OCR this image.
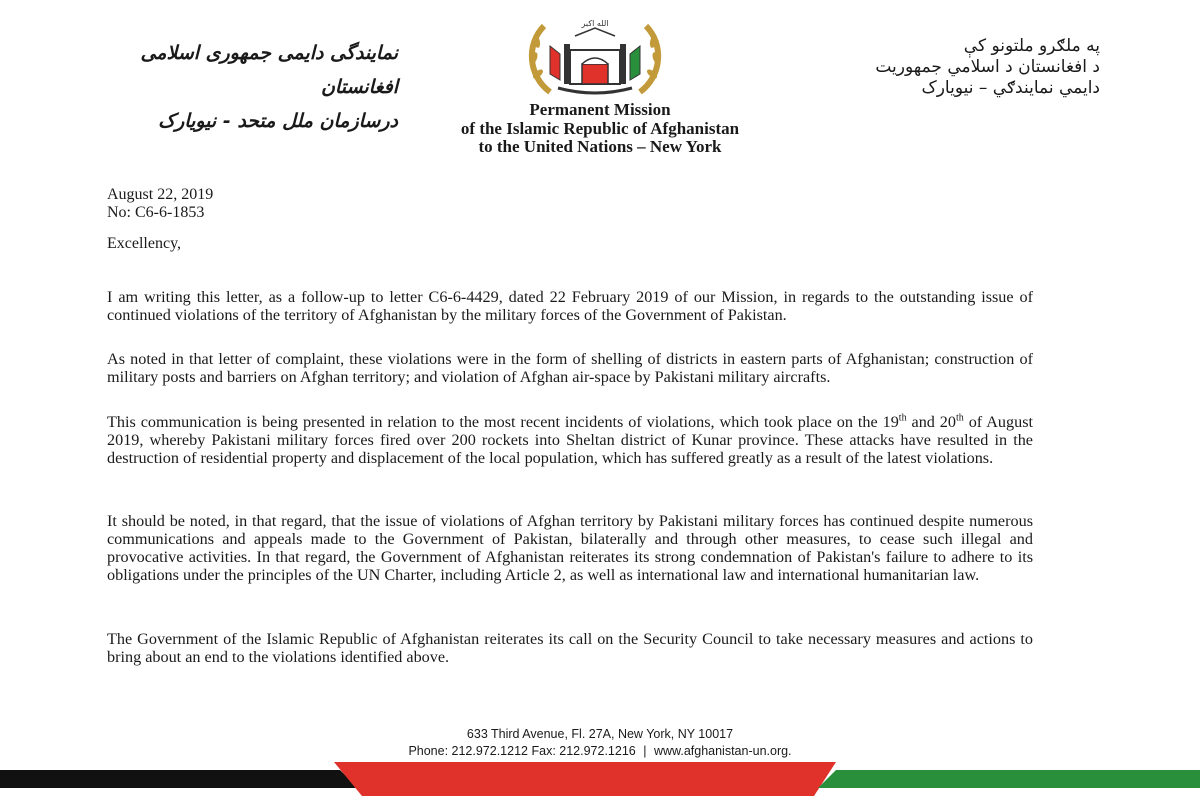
نمایندگی دایمی جمهوری اسلامی افغانستان
درسازمان ملل متحد - نیویارک
الله اکبر
په ملګرو ملتونو کې
د افغانستان د اسلامي جمهوريت
دايمي نمايندګي – نيويارک
Permanent Mission
of the Islamic Republic of Afghanistan
to the United Nations – New York
August 22, 2019
No: C6-6-1853
Excellency,

I am writing this letter, as a follow-up to letter C6-6-4429, dated 22 February 2019 of our Mission, in regards to the outstanding issue of continued violations of the territory of Afghanistan by the military forces of the Government of Pakistan.

As noted in that letter of complaint, these violations were in the form of shelling of districts in eastern parts of Afghanistan; construction of military posts and barriers on Afghan territory; and violation of Afghan air-space by Pakistani military aircrafts.

This communication is being presented in relation to the most recent incidents of violations, which took place on the 19th and 20th of August 2019, whereby Pakistani military forces fired over 200 rockets into Sheltan district of Kunar province. These attacks have resulted in the destruction of residential property and displacement of the local population, which has suffered greatly as a result of the latest violations.

It should be noted, in that regard, that the issue of violations of Afghan territory by Pakistani military forces has continued despite numerous communications and appeals made to the Government of Pakistan, bilaterally and through other measures, to cease such illegal and provocative activities. In that regard, the Government of Afghanistan reiterates its strong condemnation of Pakistan's failure to adhere to its obligations under the principles of the UN Charter, including Article 2, as well as international law and international humanitarian law.

The Government of the Islamic Republic of Afghanistan reiterates its call on the Security Council to take necessary measures and actions to bring about an end to the violations identified above.

633 Third Avenue, Fl. 27A, New York, NY 10017
Phone: 212.972.1212 Fax: 212.972.1216 | www.afghanistan-un.org.
